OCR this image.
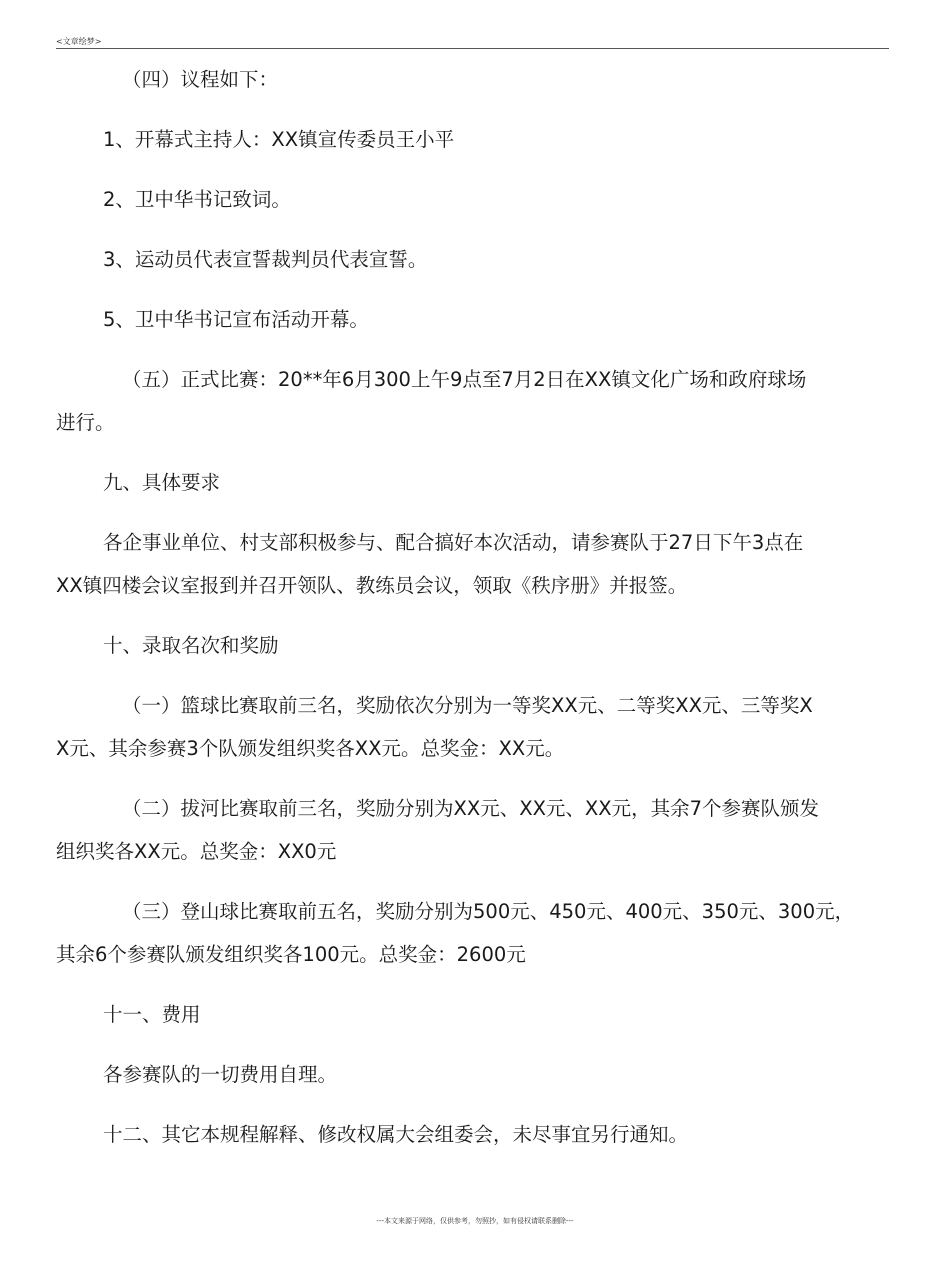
<文章绘梦>

（四）议程如下：

1、开幕式主持人：XX镇宣传委员王小平

2、卫中华书记致词。

3、运动员代表宣誓裁判员代表宣誓。

5、卫中华书记宣布活动开幕。

（五）正式比赛：20**年6月300上午9点至7月2日在XX镇文化广场和政府球场

进行。

九、具体要求

各企事业单位、村支部积极参与、配合搞好本次活动，请参赛队于27日下午3点在

XX镇四楼会议室报到并召开领队、教练员会议，领取《秩序册》并报签。

十、录取名次和奖励

（一）篮球比赛取前三名，奖励依次分别为一等奖XX元、二等奖XX元、三等奖X

X元、其余参赛3个队颁发组织奖各XX元。总奖金：XX元。

（二）拔河比赛取前三名，奖励分别为XX元、XX元、XX元，其余7个参赛队颁发

组织奖各XX元。总奖金：XX0元

（三）登山球比赛取前五名，奖励分别为500元、450元、400元、350元、300元，

其余6个参赛队颁发组织奖各100元。总奖金：2600元

十一、费用

各参赛队的一切费用自理。

十二、其它本规程解释、修改权属大会组委会，未尽事宜另行通知。

---本文来源于网络，仅供参考，勿照抄，如有侵权请联系删除---
